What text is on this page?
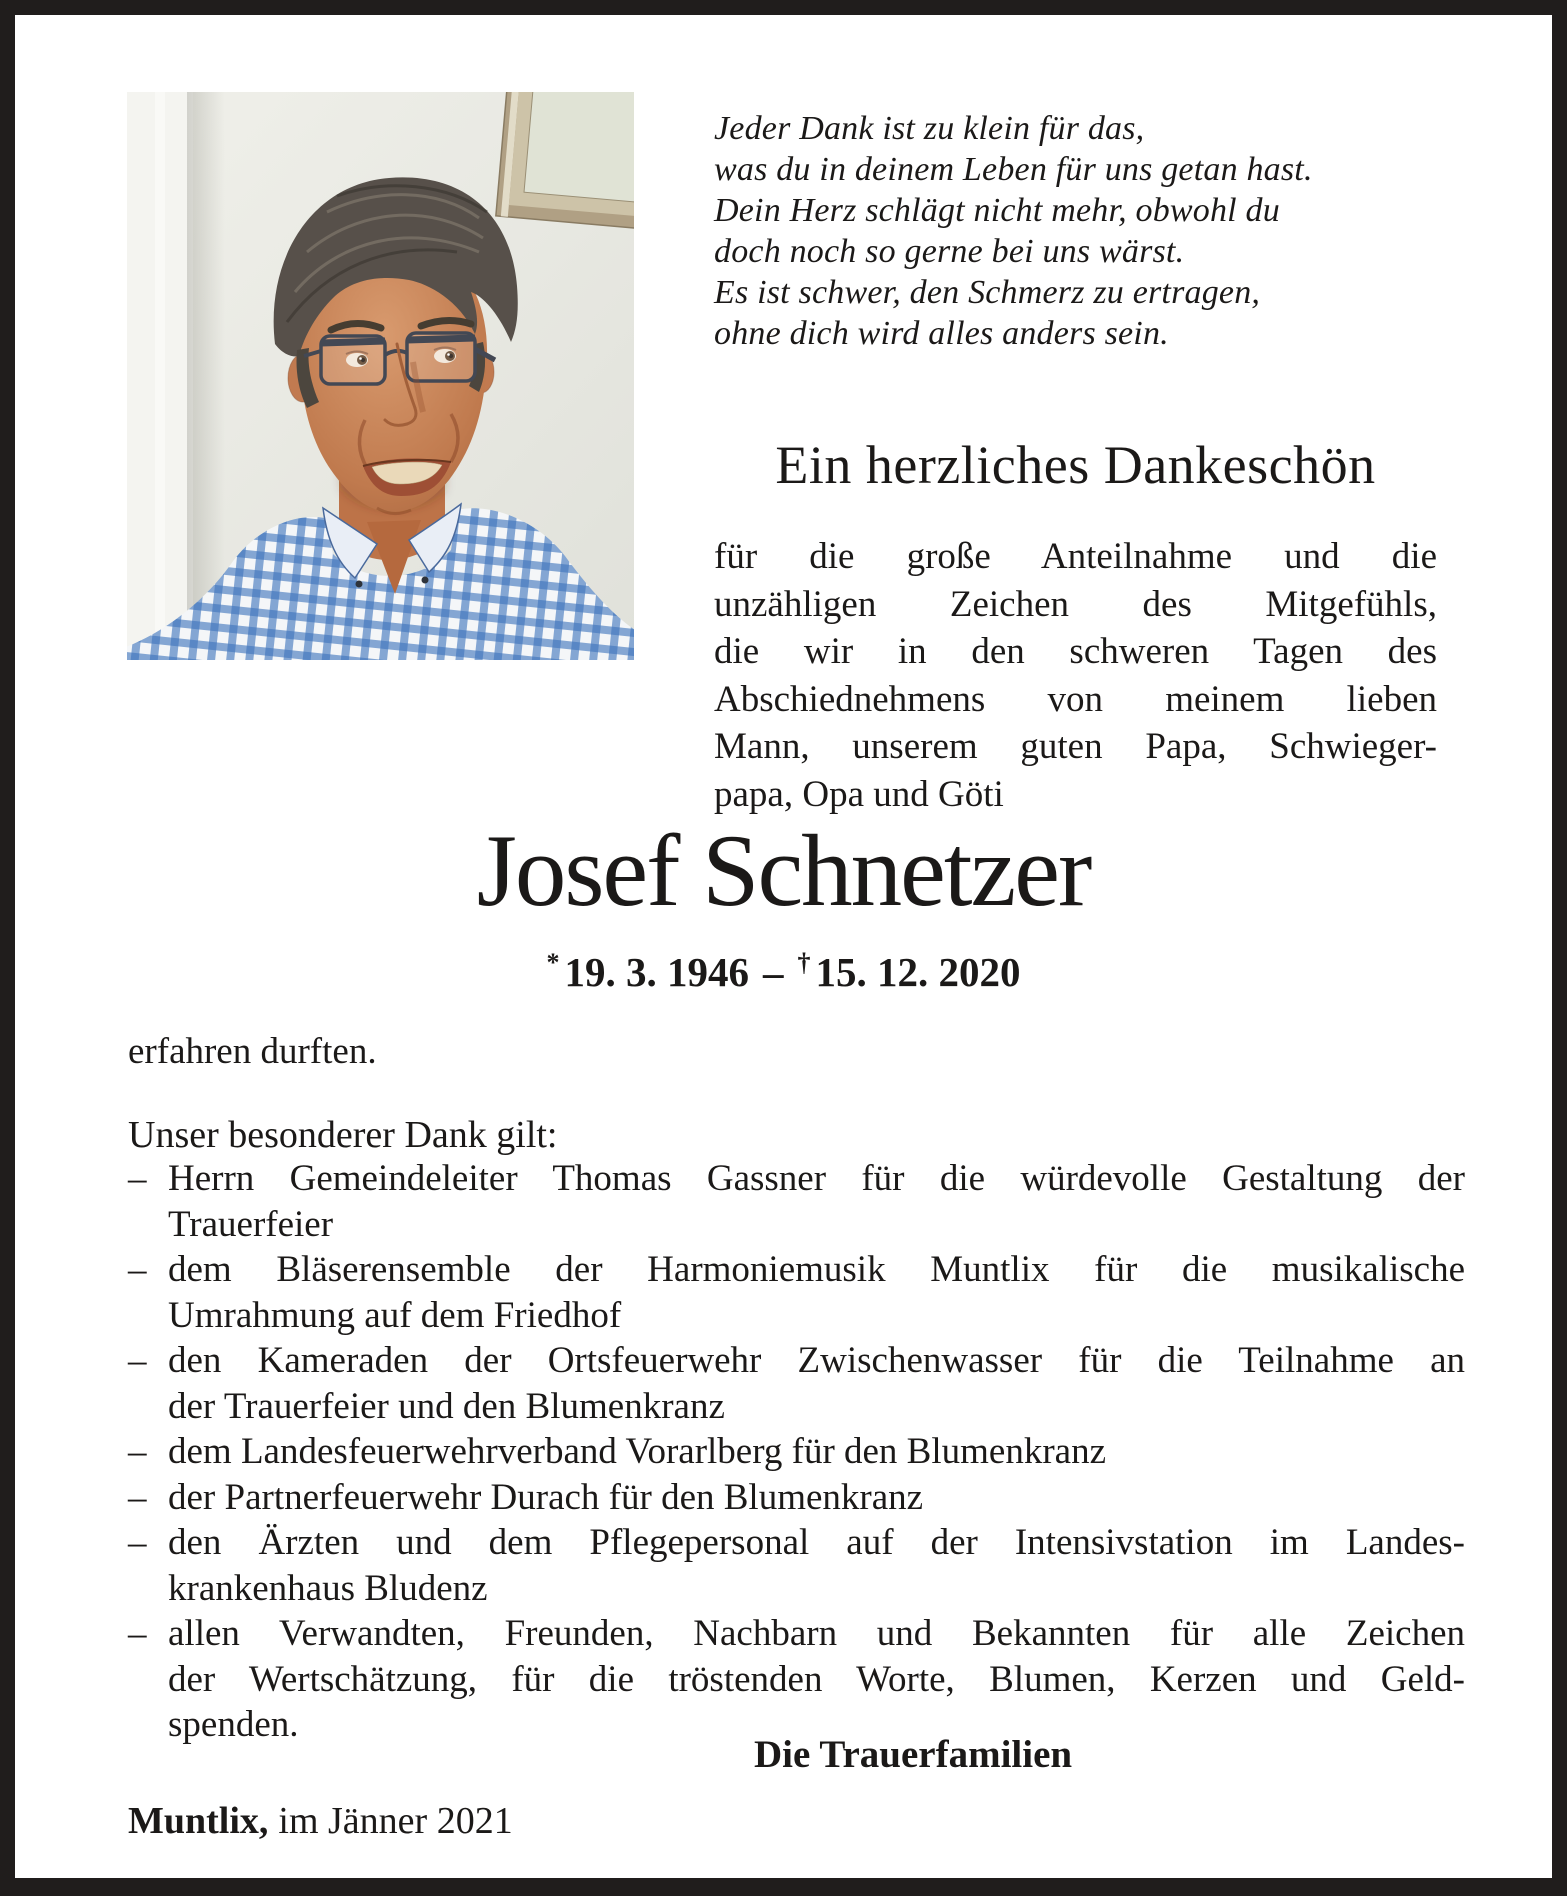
Jeder Dank ist zu klein für das,
was du in deinem Leben für uns getan hast.
Dein Herz schlägt nicht mehr, obwohl du
doch noch so gerne bei uns wärst.
Es ist schwer, den Schmerz zu ertragen,
ohne dich wird alles anders sein.
Ein herzliches Dankeschön
für die große Anteilnahme und die
unzähligen Zeichen des Mitgefühls,
die wir in den schweren Tagen des
Abschiednehmens von meinem lieben
Mann, unserem guten Papa, Schwieger-
papa, Opa und Göti
Josef Schnetzer
* 19. 3. 1946 – † 15. 12. 2020
erfahren durften.
Unser besonderer Dank gilt:
– Herrn Gemeindeleiter Thomas Gassner für die würdevolle Gestaltung der
Trauerfeier
– dem Bläserensemble der Harmoniemusik Muntlix für die musikalische
Umrahmung auf dem Friedhof
– den Kameraden der Ortsfeuerwehr Zwischenwasser für die Teilnahme an
der Trauerfeier und den Blumenkranz
– dem Landesfeuerwehrverband Vorarlberg für den Blumenkranz
– der Partnerfeuerwehr Durach für den Blumenkranz
– den Ärzten und dem Pflegepersonal auf der Intensivstation im Landes-
krankenhaus Bludenz
– allen Verwandten, Freunden, Nachbarn und Bekannten für alle Zeichen
der Wertschätzung, für die tröstenden Worte, Blumen, Kerzen und Geld-
spenden.
Die Trauerfamilien
Muntlix, im Jänner 2021
